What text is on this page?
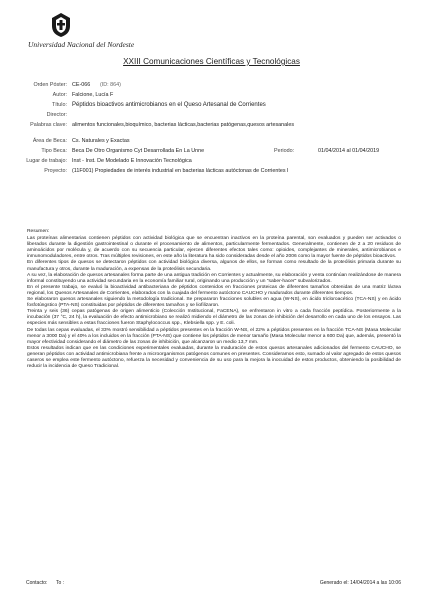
Universidad Nacional del Nordeste
XXIII Comunicaciones Científicas y Tecnológicas
Orden Póster: CE-066 (ID: 864)
Autor: Falcione, Lucía F
Título: Péptidos bioactivos antimicrobianos en el Queso Artesanal de Corrientes
Director:
Palabras clave: alimentos funcionales,bioquímico, bacterias lácticas,bacterias patógenas,quesos artesanales
Área de Beca: Cs. Naturales y Exactas
Tipo Beca: Beca De Otro Organismo Cyt Desarrollada En La Unne	Periodo:	01/04/2014 al 01/04/2019
Lugar de trabajo: Inst - Inst. De Modelado E Innovación Tecnológica
Proyecto: (11F001) Propiedades de interés industrial en bacterias lácticas autóctonas de Corrientes I

Resumen:

Las proteínas alimentarias contienen péptidos con actividad biológica que se encuentran inactivos en la proteína parental, son evaluados y pueden ser activados o liberados durante la digestión gastrointestinal o durante el procesamiento de alimentos, particularmente fermentados. Generalmente, contienen de 2 a 20 residuos de aminoácidos por molécula y, de acuerdo con su secuencia particular, ejercen diferentes efectos tales como: opioides, complejantes de minerales, antimicrobianos e inmunomoduladores, entre otros. Tras múltiples revisiones, en este año la literatura ha sido consideradas desde el año 2006 como la mayor fuente de péptidos bioactivos.

En diferentes tipos de quesos se detectaron péptidos con actividad biológica diversa, algunos de ellos, se forman como resultado de la proteólisis primaria durante su manufactura y otros, durante la maduración, a expensas de la proteólisis secundaria.

A su vez, la elaboración de quesos artesanales forma parte de una antigua tradición en Corrientes y actualmente, su elaboración y venta continúan realizándose de manera informal constituyendo una actividad secundaria en la economía familiar rural, originando una producción y un "saber-hacer" subvalorizados.

En el presente trabajo, se evaluó la bioactividad antibacteriana de péptidos contenidos en fracciones proteicas de diferentes tamaños obtenidas de una matriz láctea regional, los Quesos Artesanales de Corrientes, elaborados con la cuajada del fermento autóctono CAUCHO y madurados durante diferentes tiempos.

Se elaboraron quesos artesanales siguiendo la metodología tradicional. Se prepararon fracciones solubles en agua (W-NS), en ácido tricloroacético (TCA-NS) y en ácido fosfotúngstico (PTA-NS) constituidas por péptidos de diferentes tamaños y se liofilizaron.

Treinta y seis (36) cepas patógenas de origen alimenticio (Colección Institucional, FaCENA), se enfrentaron in vitro a cada fracción peptídica. Posteriormente a la incubación (37 °C, 24 h), la evaluación de efecto antimicrobiano se realizó midiendo el diámetro de las zonas de inhibición del desarrollo en cada uno de los ensayos. Las especies más sensibles a estas fracciones fueron Staphylococcus spp., Klebsiella spp. y E. coli.

De todas las cepas evaluadas, el 33% mostró sensibilidad a péptidos presentes en la fracción W-NS, el 22% a péptidos presentes en la fracción TCA-NS (Masa Molecular menor a 3000 Da) y el 40% a los incluidos en la fracción (PTA-NS) que contiene los péptidos de menor tamaño (Masa Molecular menor a 600 Da) que, además, presentó la mayor efectividad considerando el diámetro de las zonas de inhibición, que alcanzaron un medio 13,7 mm.

Estos resultados indican que en las condiciones experimentales evaluadas, durante la maduración de estos quesos artesanales adicionados del fermento CAUCHO, se generan péptidos con actividad antimicrobiana frente a microorganismos patógenos comunes en presentes. Consideramos esto, sumado al valor agregado de estos quesos caseros se emplea este fermento autóctono, refuerza la necesidad y conveniencia de su uso para la mejora la inocuidad de estos productos, obteniendo la posibilidad de reducir la incidencia de Queso Tradicional.

Contacto: To :	Generado el: 14/04/2014 a las 10:06
